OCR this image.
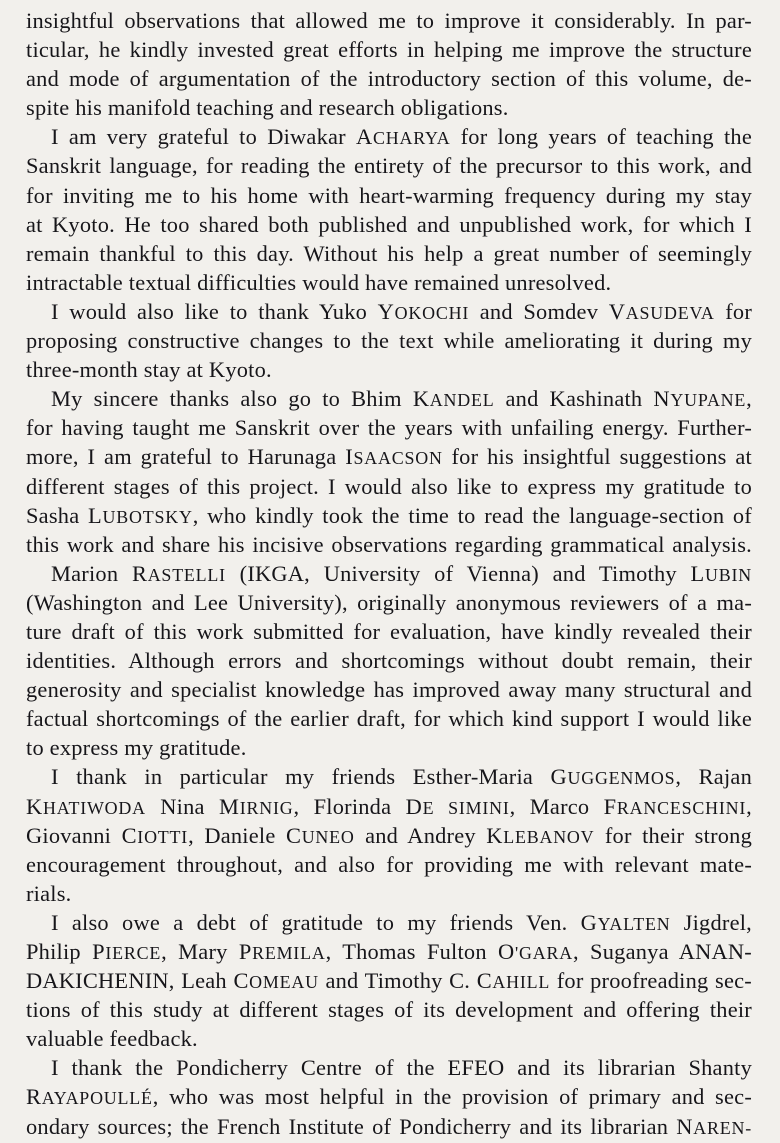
insightful observations that allowed me to improve it considerably. In par-
ticular, he kindly invested great efforts in helping me improve the structure
and mode of argumentation of the introductory section of this volume, de-
spite his manifold teaching and research obligations.
I am very grateful to Diwakar ACHARYA for long years of teaching the
Sanskrit language, for reading the entirety of the precursor to this work, and
for inviting me to his home with heart-warming frequency during my stay
at Kyoto. He too shared both published and unpublished work, for which I
remain thankful to this day. Without his help a great number of seemingly
intractable textual difficulties would have remained unresolved.
I would also like to thank Yuko YOKOCHI and Somdev VASUDEVA for
proposing constructive changes to the text while ameliorating it during my
three-month stay at Kyoto.
My sincere thanks also go to Bhim KANDEL and Kashinath NYUPANE,
for having taught me Sanskrit over the years with unfailing energy. Further-
more, I am grateful to Harunaga ISAACSON for his insightful suggestions at
different stages of this project. I would also like to express my gratitude to
Sasha LUBOTSKY, who kindly took the time to read the language-section of
this work and share his incisive observations regarding grammatical analysis.
Marion RASTELLI (IKGA, University of Vienna) and Timothy LUBIN
(Washington and Lee University), originally anonymous reviewers of a ma-
ture draft of this work submitted for evaluation, have kindly revealed their
identities. Although errors and shortcomings without doubt remain, their
generosity and specialist knowledge has improved away many structural and
factual shortcomings of the earlier draft, for which kind support I would like
to express my gratitude.
I thank in particular my friends Esther-Maria GUGGENMOS, Rajan
KHATIWODA Nina MIRNIG, Florinda DE SIMINI, Marco FRANCESCHINI,
Giovanni CIOTTI, Daniele CUNEO and Andrey KLEBANOV for their strong
encouragement throughout, and also for providing me with relevant mate-
rials.
I also owe a debt of gratitude to my friends Ven. GYALTEN Jigdrel,
Philip PIERCE, Mary PREMILA, Thomas Fulton O'GARA, Suganya ANAN-
DAKICHENIN, Leah COMEAU and Timothy C. CAHILL for proofreading sec-
tions of this study at different stages of its development and offering their
valuable feedback.
I thank the Pondicherry Centre of the EFEO and its librarian Shanty
RAYAPOULLÉ, who was most helpful in the provision of primary and sec-
ondary sources; the French Institute of Pondicherry and its librarian NAREN-
